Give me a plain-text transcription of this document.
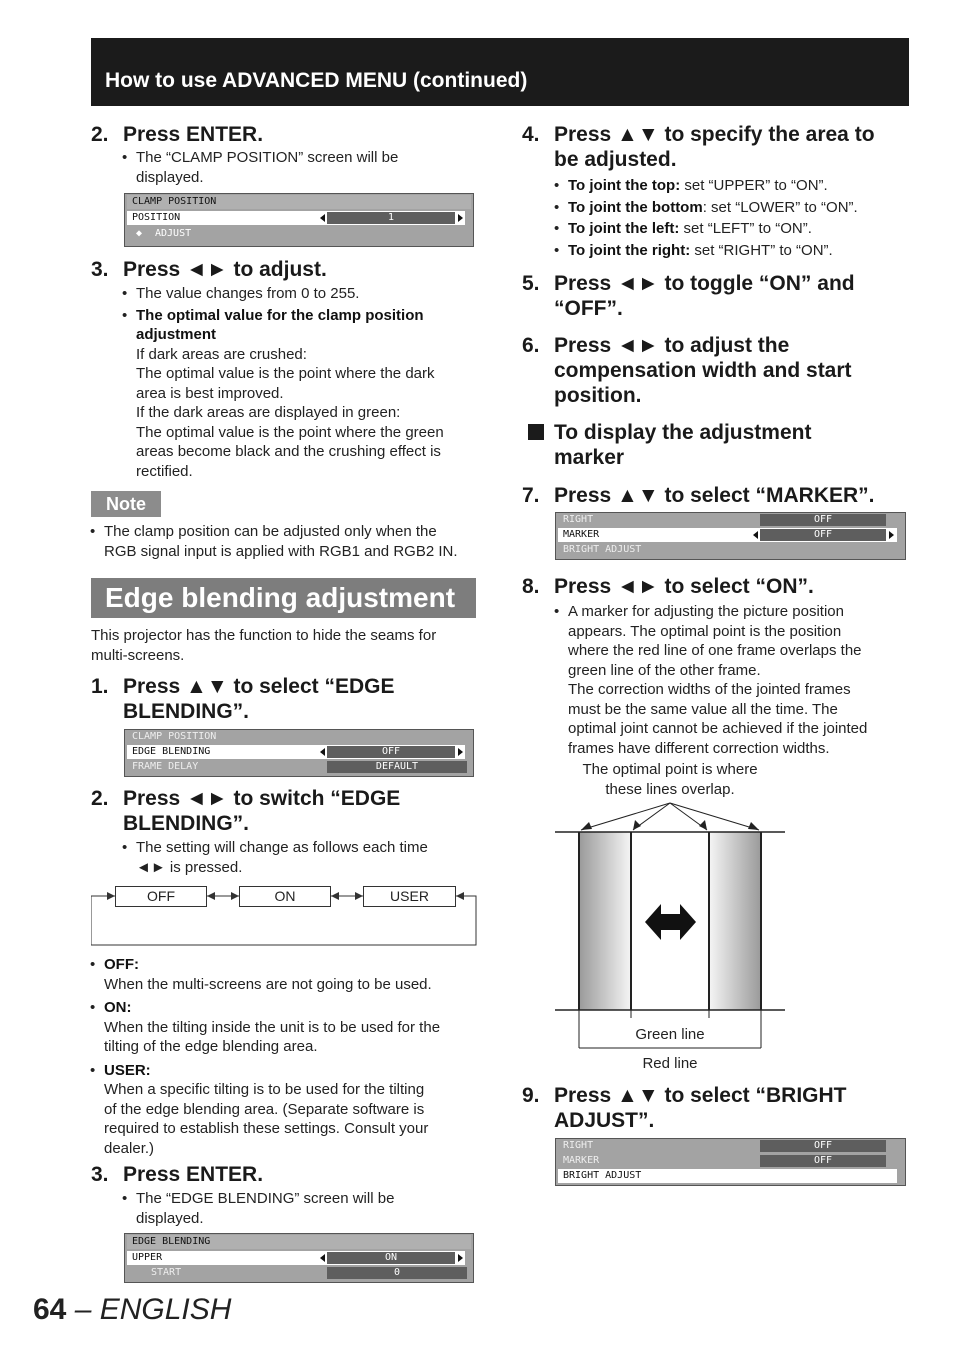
How to use ADVANCED MENU (continued)
2. Press ENTER.
• The “CLAMP POSITION” screen will be
displayed.
CLAMP POSITION
POSITION	1
◆ ADJUST
3. Press ◄► to adjust.
• The value changes from 0 to 255.
• The optimal value for the clamp position
adjustment
If dark areas are crushed:
The optimal value is the point where the dark
area is best improved.
If the dark areas are displayed in green:
The optimal value is the point where the green
areas become black and the crushing effect is
rectified.
Note
• The clamp position can be adjusted only when the
RGB signal input is applied with RGB1 and RGB2 IN.
Edge blending adjustment
This projector has the function to hide the seams for
multi-screens.
1. Press ▲▼ to select “EDGE
BLENDING”.
CLAMP POSITION
EDGE BLENDING	OFF
FRAME DELAY	DEFAULT
2. Press ◄► to switch “EDGE
BLENDING”.
• The setting will change as follows each time
◄► is pressed.
OFF	ON	USER
• OFF:
When the multi-screens are not going to be used.
• ON:
When the tilting inside the unit is to be used for the
tilting of the edge blending area.
• USER:
When a specific tilting is to be used for the tilting
of the edge blending area. (Separate software is
required to establish these settings. Consult your
dealer.)
3. Press ENTER.
• The “EDGE BLENDING” screen will be
displayed.
EDGE BLENDING
UPPER	ON
START	0
4. Press ▲▼ to specify the area to
be adjusted.
• To joint the top: set “UPPER” to “ON”.
• To joint the bottom: set “LOWER” to “ON”.
• To joint the left: set “LEFT” to “ON”.
• To joint the right: set “RIGHT” to “ON”.
5. Press ◄► to toggle “ON” and
“OFF”.
6. Press ◄► to adjust the
compensation width and start
position.
To display the adjustment
marker
7. Press ▲▼ to select “MARKER”.
RIGHT	OFF
MARKER	OFF
BRIGHT ADJUST
8. Press ◄► to select “ON”.
• A marker for adjusting the picture position
appears. The optimal point is the position
where the red line of one frame overlaps the
green line of the other frame.
The correction widths of the jointed frames
must be the same value all the time. The
optimal joint cannot be achieved if the jointed
frames have different correction widths.
The optimal point is where
these lines overlap.
Green line
Red line
9. Press ▲▼ to select “BRIGHT
ADJUST”.
RIGHT	OFF
MARKER	OFF
BRIGHT ADJUST
64 – ENGLISH
